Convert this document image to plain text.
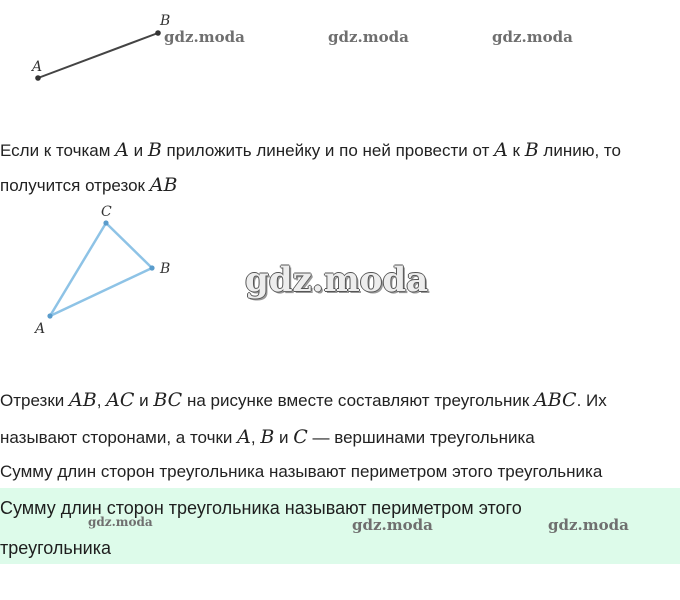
A
B
gdz.moda	gdz.moda	gdz.moda

Если к точкам A и B приложить линейку и по ней провести от A к B линию, то

получится отрезок AB

A
B
C
gdz.moda

Отрезки AB, AC и BC на рисунке вместе составляют треугольник ABC. Их

называют сторонами, а точки A, B и C — вершинами треугольника

Сумму длин сторон треугольника называют периметром этого треугольника

Сумму длин сторон треугольника называют периметром этого

треугольника

gdz.moda	gdz.moda	gdz.moda
